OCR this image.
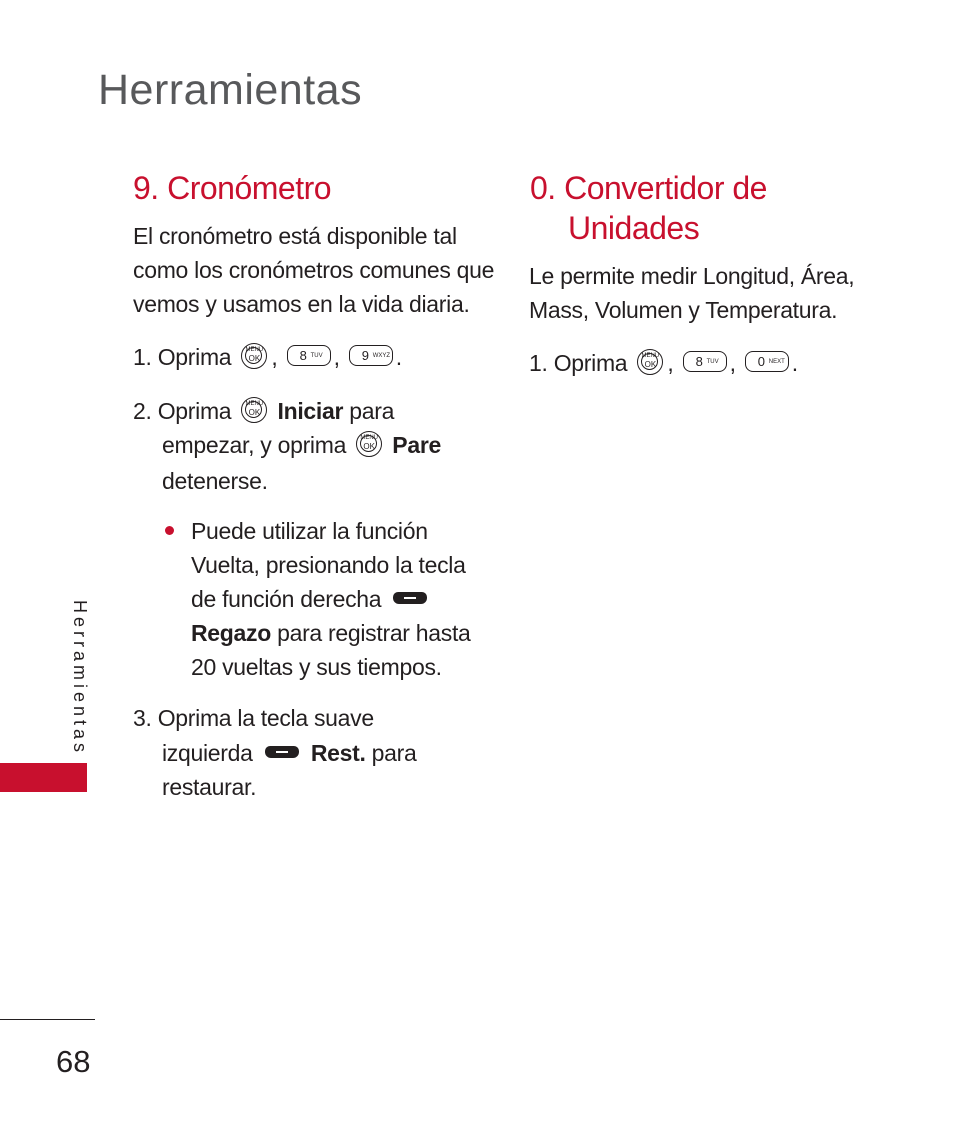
Herramientas
9. Cronómetro
El cronómetro está disponible tal
como los cronómetros comunes que
vemos y usamos en la vida diaria.
1. Oprima	MENU
OK , 8 TUV , 9 WXYZ .
2. Oprima	MENU
OK Iniciar para
empezar, y oprima	MENU
OK Pare
detenerse.
Puede utilizar la función
Vuelta, presionando la tecla
de función derecha
Regazo para registrar hasta
20 vueltas y sus tiempos.
3. Oprima la tecla suave
izquierda	Rest. para
restaurar.
0. Convertidor de
Unidades
Le permite medir Longitud, Área,
Mass, Volumen y Temperatura.
1. Oprima	MENU
OK , 8 TUV , 0 NEXT .
Herramientas
68
